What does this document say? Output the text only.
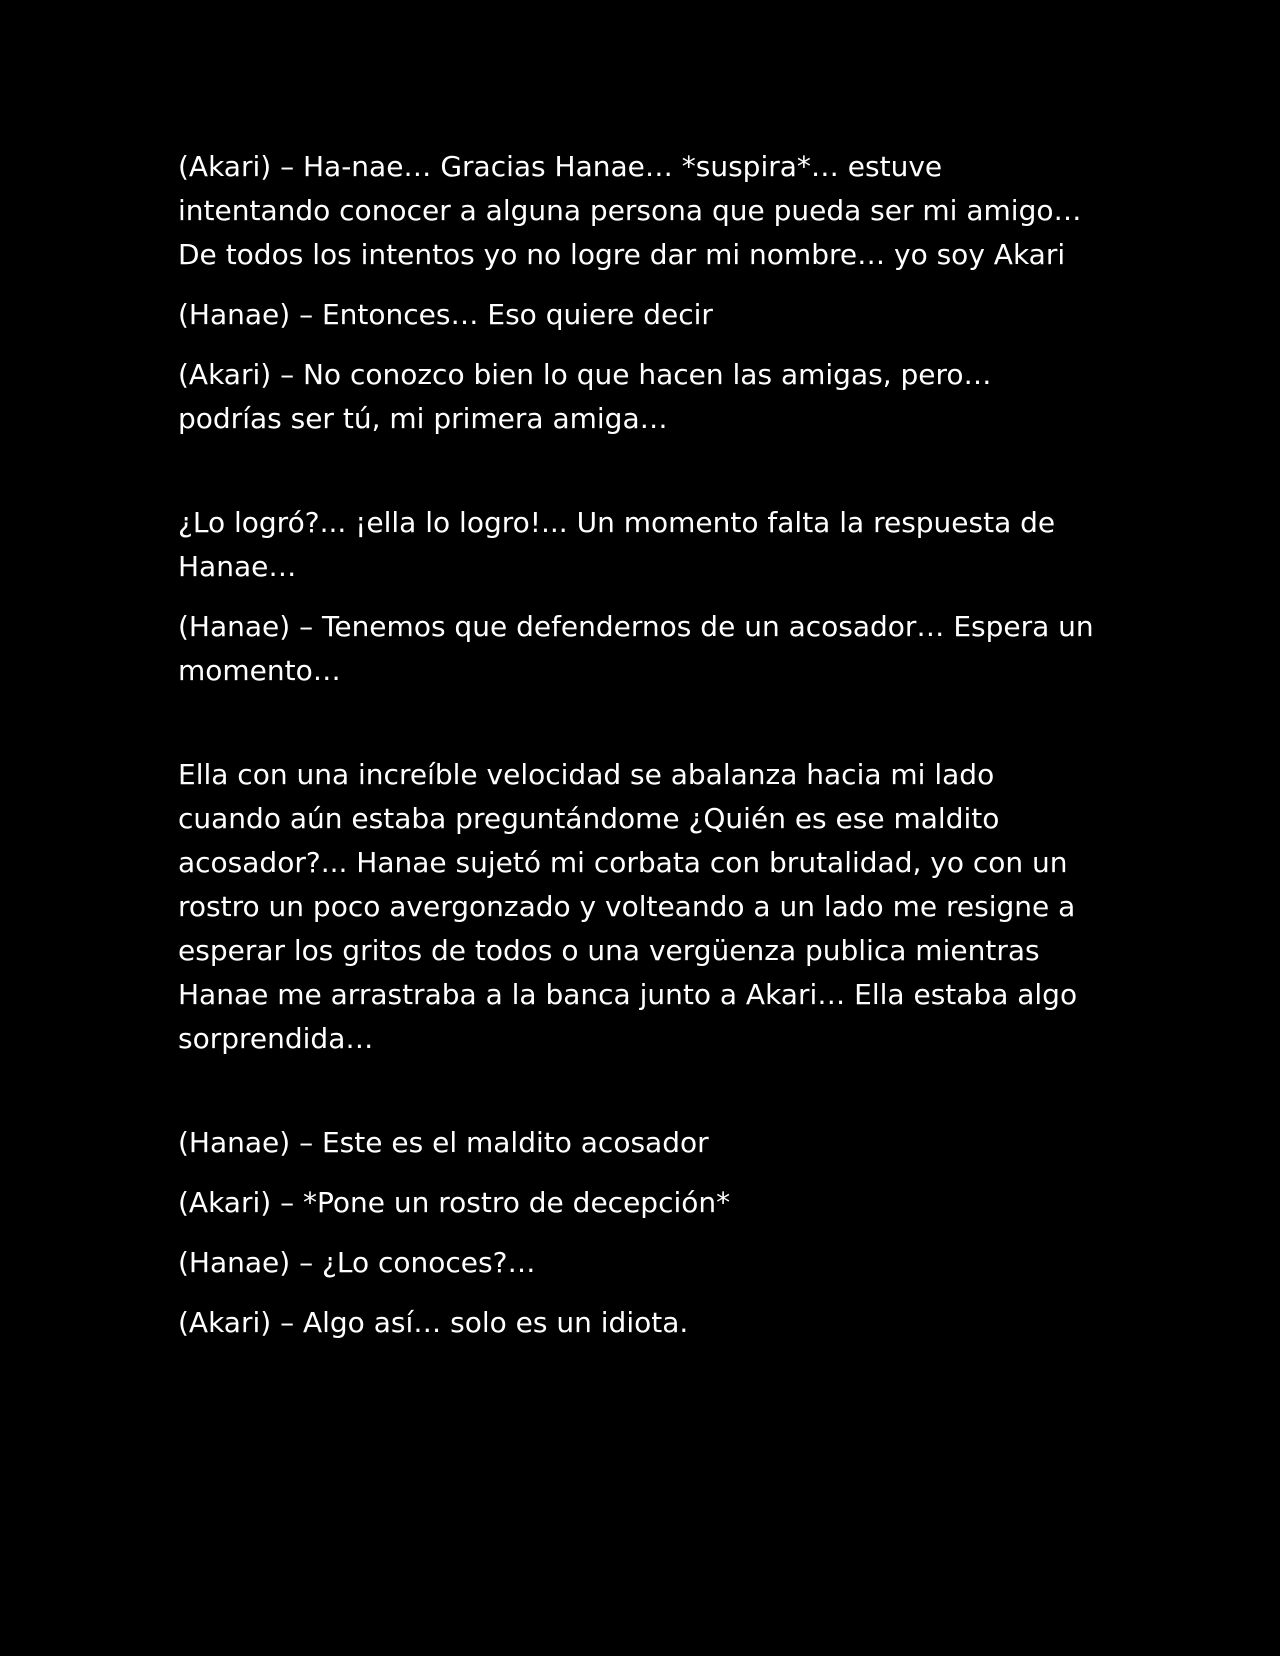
(Akari) – Ha-nae… Gracias Hanae… *suspira*… estuve intentando conocer a alguna persona que pueda ser mi amigo… De todos los intentos yo no logre dar mi nombre… yo soy Akari

(Hanae) – Entonces… Eso quiere decir

(Akari) – No conozco bien lo que hacen las amigas, pero… podrías ser tú, mi primera amiga…

¿Lo logró?... ¡ella lo logro!... Un momento falta la respuesta de Hanae…

(Hanae) – Tenemos que defendernos de un acosador… Espera un momento…

Ella con una increíble velocidad se abalanza hacia mi lado cuando aún estaba preguntándome ¿Quién es ese maldito acosador?... Hanae sujetó mi corbata con brutalidad, yo con un rostro un poco avergonzado y volteando a un lado me resigne a esperar los gritos de todos o una vergüenza publica mientras Hanae me arrastraba a la banca junto a Akari… Ella estaba algo sorprendida…

(Hanae) – Este es el maldito acosador

(Akari) – *Pone un rostro de decepción*

(Hanae) – ¿Lo conoces?…

(Akari) – Algo así… solo es un idiota.
